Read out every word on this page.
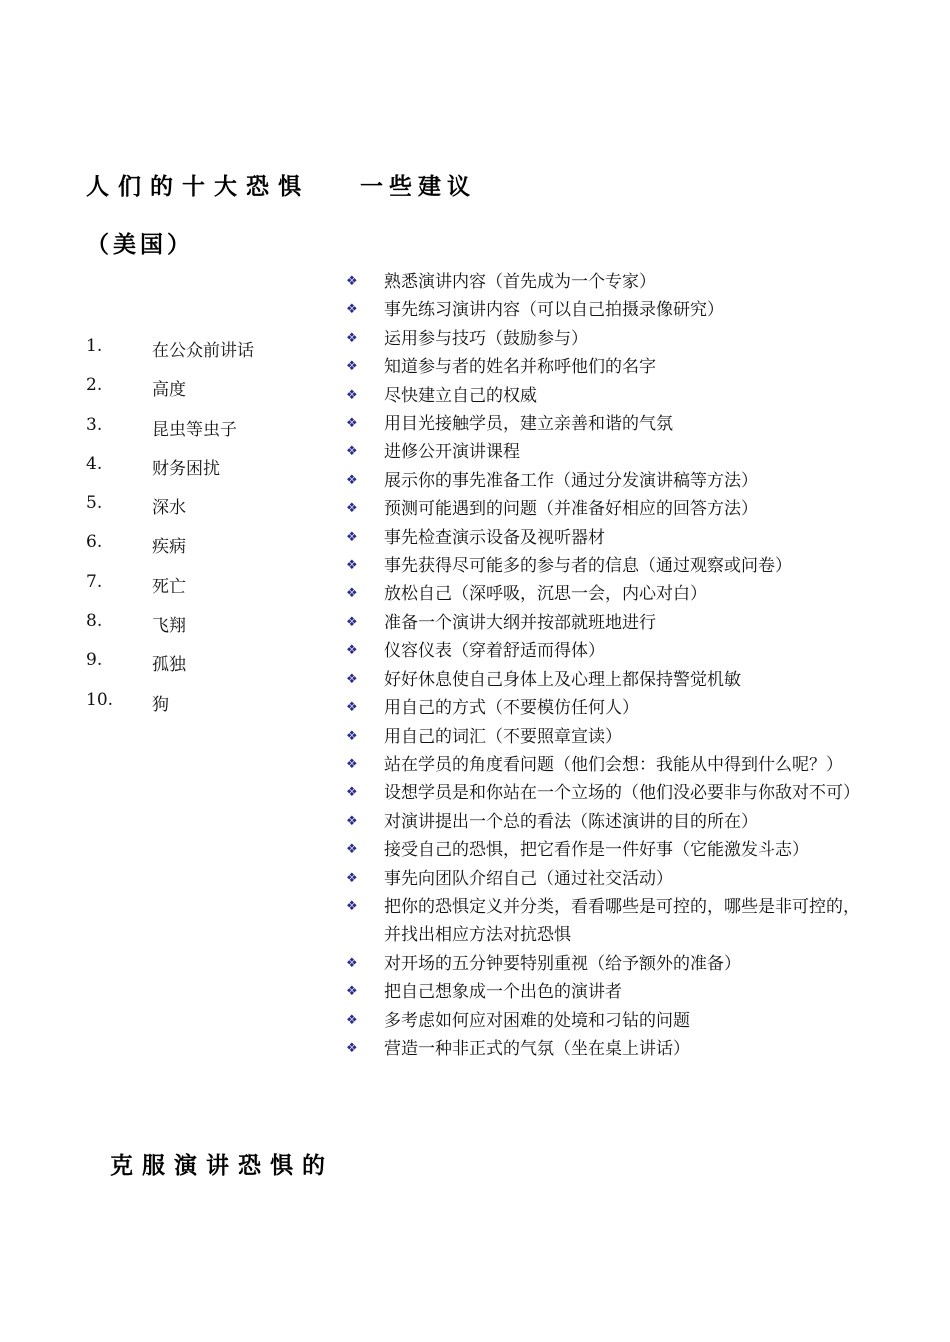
人们的十大恐惧 一些建议
（美国）
1.	在公众前讲话
2.	高度
3.	昆虫等虫子
4.	财务困扰
5.	深水
6.	疾病
7.	死亡
8.	飞翔
9.	孤独
10.	狗
❖	熟悉演讲内容（首先成为一个专家）
❖	事先练习演讲内容（可以自己拍摄录像研究）
❖	运用参与技巧（鼓励参与）
❖	知道参与者的姓名并称呼他们的名字
❖	尽快建立自己的权威
❖	用目光接触学员，建立亲善和谐的气氛
❖	进修公开演讲课程
❖	展示你的事先准备工作（通过分发演讲稿等方法）
❖	预测可能遇到的问题（并准备好相应的回答方法）
❖	事先检查演示设备及视听器材
❖	事先获得尽可能多的参与者的信息（通过观察或问卷）
❖	放松自己（深呼吸，沉思一会，内心对白）
❖	准备一个演讲大纲并按部就班地进行
❖	仪容仪表（穿着舒适而得体）
❖	好好休息使自己身体上及心理上都保持警觉机敏
❖	用自己的方式（不要模仿任何人）
❖	用自己的词汇（不要照章宣读）
❖	站在学员的角度看问题（他们会想：我能从中得到什么呢？）
❖	设想学员是和你站在一个立场的（他们没必要非与你敌对不可）
❖	对演讲提出一个总的看法（陈述演讲的目的所在）
❖	接受自己的恐惧，把它看作是一件好事（它能激发斗志）
❖	事先向团队介绍自己（通过社交活动）
❖	把你的恐惧定义并分类，看看哪些是可控的，哪些是非可控的，并找出相应方法对抗恐惧
❖	对开场的五分钟要特别重视（给予额外的准备）
❖	把自己想象成一个出色的演讲者
❖	多考虑如何应对困难的处境和刁钻的问题
❖	营造一种非正式的气氛（坐在桌上讲话）
克服演讲恐惧的
